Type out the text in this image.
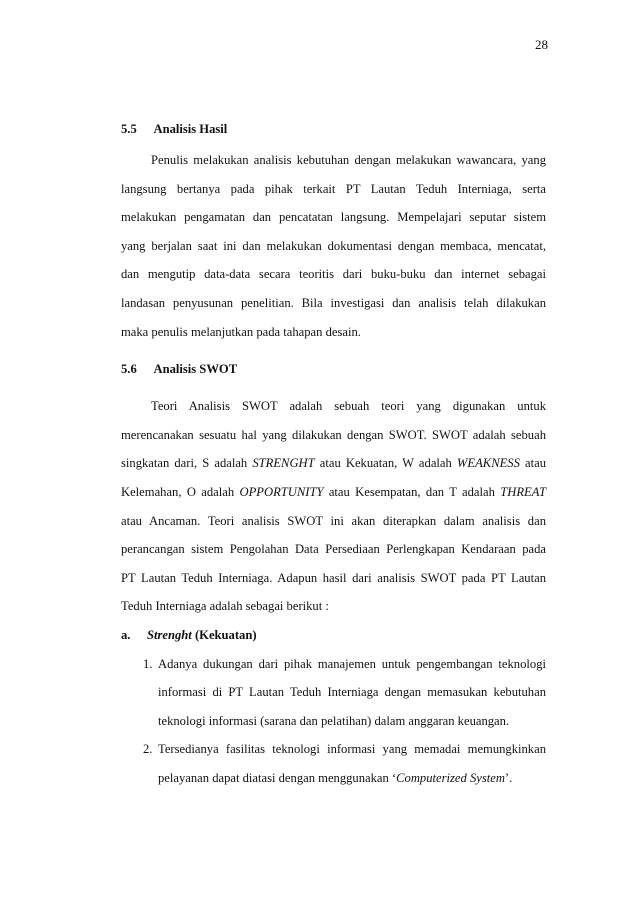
28
5.5 Analisis Hasil
Penulis melakukan analisis kebutuhan dengan melakukan wawancara, yang
langsung bertanya pada pihak terkait PT Lautan Teduh Interniaga, serta
melakukan pengamatan dan pencatatan langsung. Mempelajari seputar sistem
yang berjalan saat ini dan melakukan dokumentasi dengan membaca, mencatat,
dan mengutip data-data secara teoritis dari buku-buku dan internet sebagai
landasan penyusunan penelitian. Bila investigasi dan analisis telah dilakukan
maka penulis melanjutkan pada tahapan desain.
5.6 Analisis SWOT
Teori Analisis SWOT adalah sebuah teori yang digunakan untuk
merencanakan sesuatu hal yang dilakukan dengan SWOT. SWOT adalah sebuah
singkatan dari, S adalah STRENGHT atau Kekuatan, W adalah WEAKNESS atau
Kelemahan, O adalah OPPORTUNITY atau Kesempatan, dan T adalah THREAT
atau Ancaman. Teori analisis SWOT ini akan diterapkan dalam analisis dan
perancangan sistem Pengolahan Data Persediaan Perlengkapan Kendaraan pada
PT Lautan Teduh Interniaga. Adapun hasil dari analisis SWOT pada PT Lautan
Teduh Interniaga adalah sebagai berikut :
a. Strenght (Kekuatan)
1. Adanya dukungan dari pihak manajemen untuk pengembangan teknologi
informasi di PT Lautan Teduh Interniaga dengan memasukan kebutuhan
teknologi informasi (sarana dan pelatihan) dalam anggaran keuangan.
2. Tersedianya fasilitas teknologi informasi yang memadai memungkinkan
pelayanan dapat diatasi dengan menggunakan ‘Computerized System’.
